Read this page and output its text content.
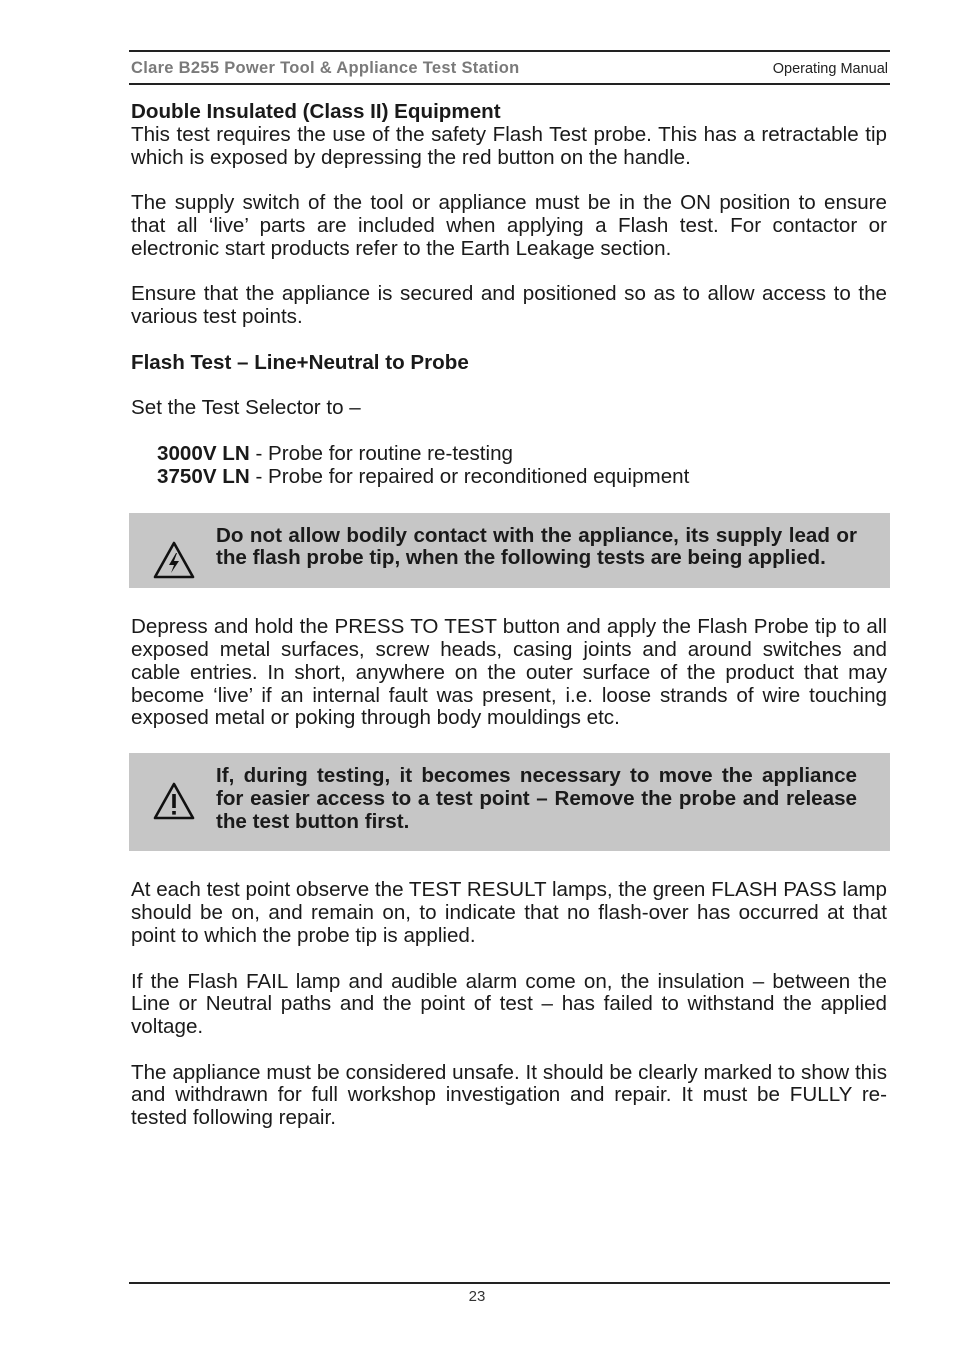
Clare B255 Power Tool & Appliance Test Station	Operating Manual
Double Insulated (Class II) Equipment

This test requires the use of the safety Flash Test probe. This has a retractable tip which is exposed by depressing the red button on the handle.

The supply switch of the tool or appliance must be in the ON position to ensure that all ‘live’ parts are included when applying a Flash test. For contactor or electronic start products refer to the Earth Leakage section.

Ensure that the appliance is secured and positioned so as to allow access to the various test points.

Flash Test – Line+Neutral to Probe

Set the Test Selector to –

3000V LN - Probe for routine re-testing
3750V LN - Probe for repaired or reconditioned equipment
Do not allow bodily contact with the appliance, its supply lead or the flash probe tip, when the following tests are being applied.

Depress and hold the PRESS TO TEST button and apply the Flash Probe tip to all exposed metal surfaces, screw heads, casing joints and around switches and cable entries. In short, anywhere on the outer surface of the product that may become ‘live’ if an internal fault was present, i.e. loose strands of wire touching exposed metal or poking through body mouldings etc.

If, during testing, it becomes necessary to move the appliance for easier access to a test point – Remove the probe and release the test button first.

At each test point observe the TEST RESULT lamps, the green FLASH PASS lamp should be on, and remain on, to indicate that no flash-over has occurred at that point to which the probe tip is applied.

If the Flash FAIL lamp and audible alarm come on, the insulation – between the Line or Neutral paths and the point of test – has failed to withstand the applied voltage.

The appliance must be considered unsafe. It should be clearly marked to show this and withdrawn for full workshop investigation and repair. It must be FULLY re-tested following repair.

23
